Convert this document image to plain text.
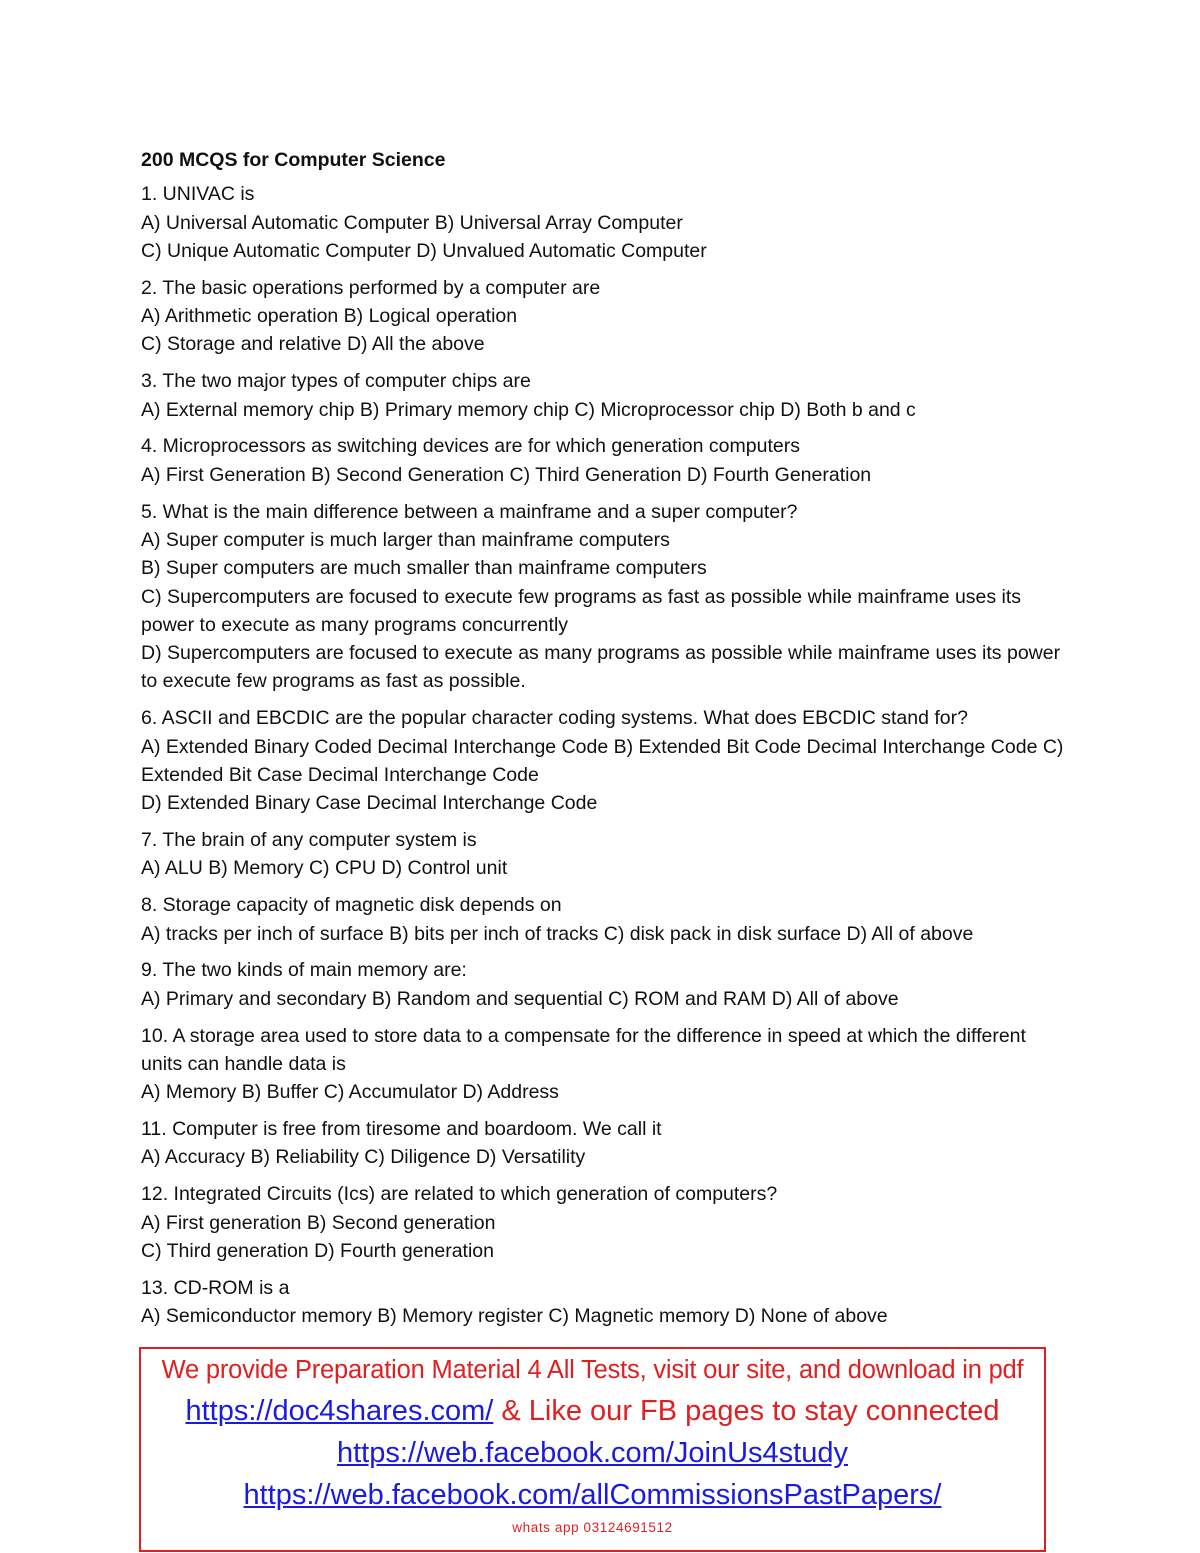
200 MCQS for Computer Science
1. UNIVAC is
A) Universal Automatic Computer B) Universal Array Computer
C) Unique Automatic Computer D) Unvalued Automatic Computer
2. The basic operations performed by a computer are
A) Arithmetic operation B) Logical operation
C) Storage and relative D) All the above
3. The two major types of computer chips are
A) External memory chip B) Primary memory chip C) Microprocessor chip D) Both b and c
4. Microprocessors as switching devices are for which generation computers
A) First Generation B) Second Generation C) Third Generation D) Fourth Generation
5. What is the main difference between a mainframe and a super computer?
A) Super computer is much larger than mainframe computers
B) Super computers are much smaller than mainframe computers
C) Supercomputers are focused to execute few programs as fast as possible while mainframe uses its power to execute as many programs concurrently
D) Supercomputers are focused to execute as many programs as possible while mainframe uses its power to execute few programs as fast as possible.
6. ASCII and EBCDIC are the popular character coding systems. What does EBCDIC stand for?
A) Extended Binary Coded Decimal Interchange Code B) Extended Bit Code Decimal Interchange Code C) Extended Bit Case Decimal Interchange Code
D) Extended Binary Case Decimal Interchange Code
7. The brain of any computer system is
A) ALU B) Memory C) CPU D) Control unit
8. Storage capacity of magnetic disk depends on
A) tracks per inch of surface B) bits per inch of tracks C) disk pack in disk surface D) All of above
9. The two kinds of main memory are:
A) Primary and secondary B) Random and sequential C) ROM and RAM D) All of above
10. A storage area used to store data to a compensate for the difference in speed at which the different units can handle data is
A) Memory B) Buffer C) Accumulator D) Address
11. Computer is free from tiresome and boardoom. We call it
A) Accuracy B) Reliability C) Diligence D) Versatility
12. Integrated Circuits (Ics) are related to which generation of computers?
A) First generation B) Second generation
C) Third generation D) Fourth generation
13. CD-ROM is a
A) Semiconductor memory B) Memory register C) Magnetic memory D) None of above
We provide Preparation Material 4 All Tests, visit our site, and download in pdf
https://doc4shares.com/ & Like our FB pages to stay connected
https://web.facebook.com/JoinUs4study
https://web.facebook.com/allCommissionsPastPapers/
whats app 03124691512
